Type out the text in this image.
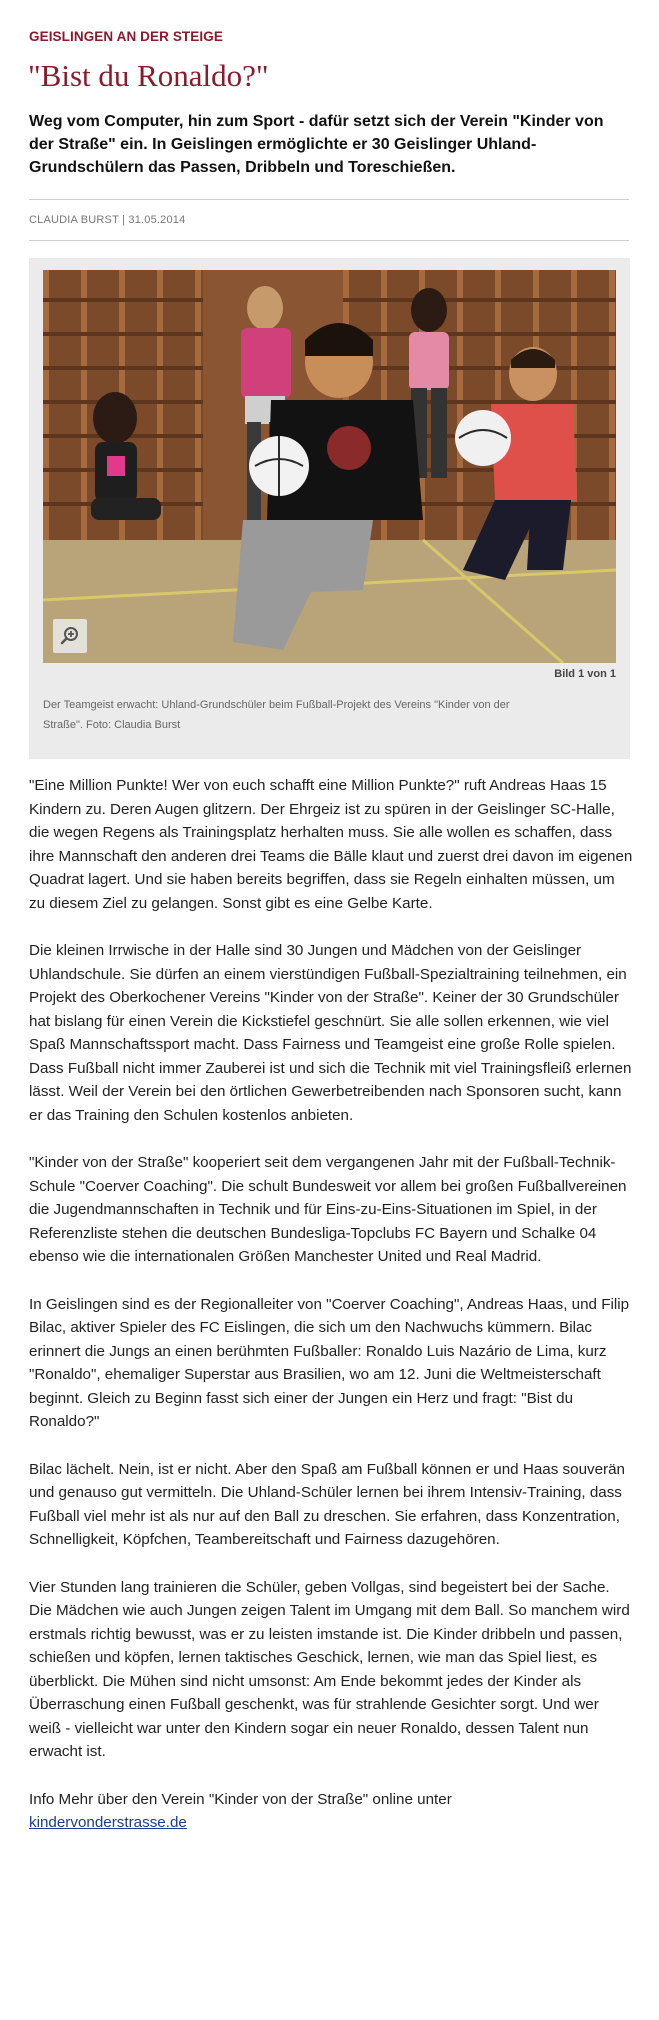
GEISLINGEN AN DER STEIGE
"Bist du Ronaldo?"
Weg vom Computer, hin zum Sport - dafür setzt sich der Verein "Kinder von der Straße" ein. In Geislingen ermöglichte er 30 Geislinger Uhland-Grundschülern das Passen, Dribbeln und Toreschießen.
CLAUDIA BURST | 31.05.2014
Bild 1 von 1
Der Teamgeist erwacht: Uhland-Grundschüler beim Fußball-Projekt des Vereins "Kinder von der Straße". Foto: Claudia Burst

"Eine Million Punkte! Wer von euch schafft eine Million Punkte?" ruft Andreas Haas 15 Kindern zu. Deren Augen glitzern. Der Ehrgeiz ist zu spüren in der Geislinger SC-Halle, die wegen Regens als Trainingsplatz herhalten muss. Sie alle wollen es schaffen, dass ihre Mannschaft den anderen drei Teams die Bälle klaut und zuerst drei davon im eigenen Quadrat lagert. Und sie haben bereits begriffen, dass sie Regeln einhalten müssen, um zu diesem Ziel zu gelangen. Sonst gibt es eine Gelbe Karte.

Die kleinen Irrwische in der Halle sind 30 Jungen und Mädchen von der Geislinger Uhlandschule. Sie dürfen an einem vierstündigen Fußball-Spezialtraining teilnehmen, ein Projekt des Oberkochener Vereins "Kinder von der Straße". Keiner der 30 Grundschüler hat bislang für einen Verein die Kickstiefel geschnürt. Sie alle sollen erkennen, wie viel Spaß Mannschaftssport macht. Dass Fairness und Teamgeist eine große Rolle spielen. Dass Fußball nicht immer Zauberei ist und sich die Technik mit viel Trainingsfleiß erlernen lässt. Weil der Verein bei den örtlichen Gewerbetreibenden nach Sponsoren sucht, kann er das Training den Schulen kostenlos anbieten.

"Kinder von der Straße" kooperiert seit dem vergangenen Jahr mit der Fußball-Technik-Schule "Coerver Coaching". Die schult Bundesweit vor allem bei großen Fußballvereinen die Jugendmannschaften in Technik und für Eins-zu-Eins-Situationen im Spiel, in der Referenzliste stehen die deutschen Bundesliga-Topclubs FC Bayern und Schalke 04 ebenso wie die internationalen Größen Manchester United und Real Madrid.

In Geislingen sind es der Regionalleiter von "Coerver Coaching", Andreas Haas, und Filip Bilac, aktiver Spieler des FC Eislingen, die sich um den Nachwuchs kümmern. Bilac erinnert die Jungs an einen berühmten Fußballer: Ronaldo Luis Nazário de Lima, kurz "Ronaldo", ehemaliger Superstar aus Brasilien, wo am 12. Juni die Weltmeisterschaft beginnt. Gleich zu Beginn fasst sich einer der Jungen ein Herz und fragt: "Bist du Ronaldo?"

Bilac lächelt. Nein, ist er nicht. Aber den Spaß am Fußball können er und Haas souverän und genauso gut vermitteln. Die Uhland-Schüler lernen bei ihrem Intensiv-Training, dass Fußball viel mehr ist als nur auf den Ball zu dreschen. Sie erfahren, dass Konzentration, Schnelligkeit, Köpfchen, Teambereitschaft und Fairness dazugehören.

Vier Stunden lang trainieren die Schüler, geben Vollgas, sind begeistert bei der Sache. Die Mädchen wie auch Jungen zeigen Talent im Umgang mit dem Ball. So manchem wird erstmals richtig bewusst, was er zu leisten imstande ist. Die Kinder dribbeln und passen, schießen und köpfen, lernen taktisches Geschick, lernen, wie man das Spiel liest, es überblickt. Die Mühen sind nicht umsonst: Am Ende bekommt jedes der Kinder als Überraschung einen Fußball geschenkt, was für strahlende Gesichter sorgt. Und wer weiß - vielleicht war unter den Kindern sogar ein neuer Ronaldo, dessen Talent nun erwacht ist.

Info Mehr über den Verein "Kinder von der Straße" online unter
kindervonderstrasse.de
